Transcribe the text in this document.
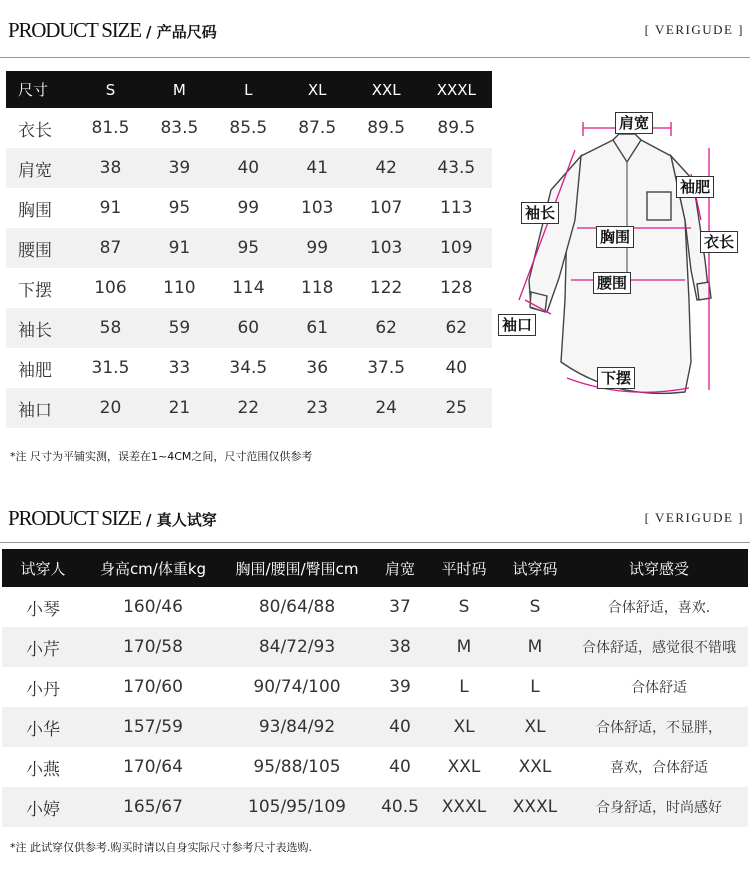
PRODUCT SIZE / 产品尺码	[ VERIGUDE ]
尺寸	S	M	L	XL	XXL	XXXL
衣长	81.5	83.5	85.5	87.5	89.5	89.5
肩宽	38	39	40	41	42	43.5
胸围	91	95	99	103	107	113
腰围	87	91	95	99	103	109
下摆	106	110	114	118	122	128
袖长	58	59	60	61	62	62
袖肥	31.5	33	34.5	36	37.5	40
袖口	20	21	22	23	24	25
肩宽
袖肥
袖长
胸围	衣长
腰围
袖口
下摆
*注 尺寸为平铺实测，误差在1~4CM之间，尺寸范围仅供参考
PRODUCT SIZE / 真人试穿	[ VERIGUDE ]
试穿人	身高cm/体重kg	胸围/腰围/臀围cm	肩宽	平时码	试穿码	试穿感受
小琴	160/46	80/64/88	37	S	S	合体舒适，喜欢.
小芹	170/58	84/72/93	38	M	M	合体舒适，感觉很不错哦
小丹	170/60	90/74/100	39	L	L	合体舒适
小华	157/59	93/84/92	40	XL	XL	合体舒适，不显胖，
小燕	170/64	95/88/105	40	XXL	XXL	喜欢，合体舒适
小婷	165/67	105/95/109	40.5	XXXL	XXXL	合身舒适，时尚感好
*注 此试穿仅供参考.购买时请以自身实际尺寸参考尺寸表选购.
